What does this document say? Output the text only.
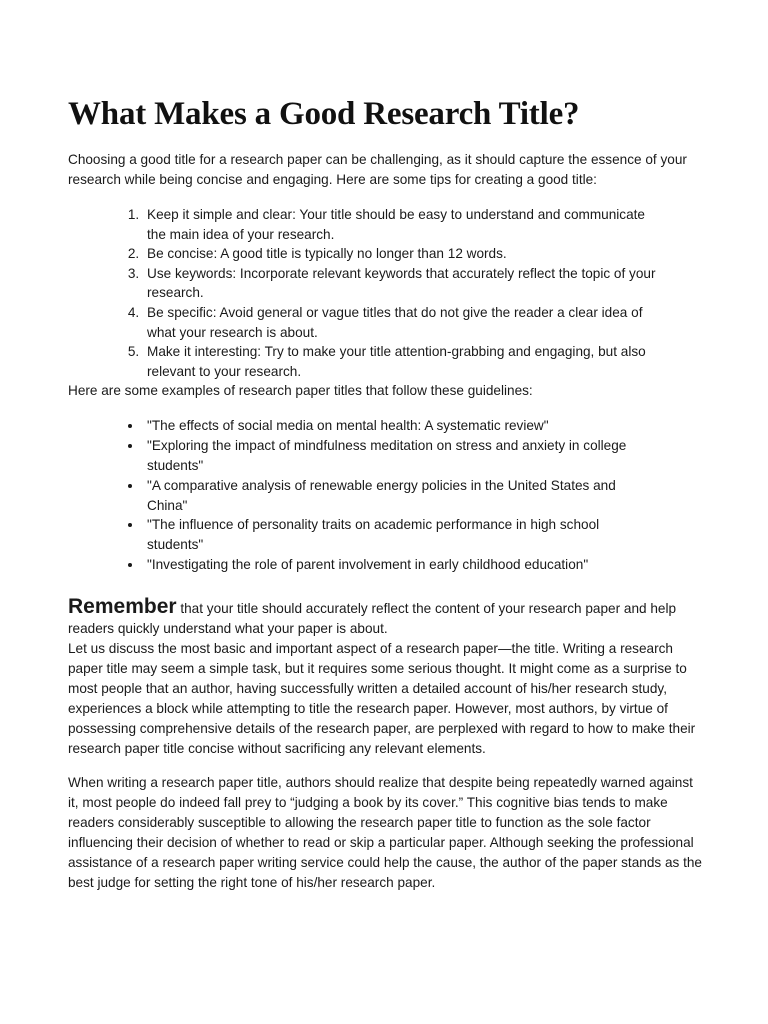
What Makes a Good Research Title?

Choosing a good title for a research paper can be challenging, as it should capture the essence of your research while being concise and engaging. Here are some tips for creating a good title:

1. Keep it simple and clear: Your title should be easy to understand and communicate the main idea of your research.
2. Be concise: A good title is typically no longer than 12 words.
3. Use keywords: Incorporate relevant keywords that accurately reflect the topic of your research.
4. Be specific: Avoid general or vague titles that do not give the reader a clear idea of what your research is about.
5. Make it interesting: Try to make your title attention-grabbing and engaging, but also relevant to your research.

Here are some examples of research paper titles that follow these guidelines:

• "The effects of social media on mental health: A systematic review"
• "Exploring the impact of mindfulness meditation on stress and anxiety in college students"
• "A comparative analysis of renewable energy policies in the United States and China"
• "The influence of personality traits on academic performance in high school students"
• "Investigating the role of parent involvement in early childhood education"

Remember that your title should accurately reflect the content of your research paper and help readers quickly understand what your paper is about.

Let us discuss the most basic and important aspect of a research paper—the title. Writing a research paper title may seem a simple task, but it requires some serious thought. It might come as a surprise to most people that an author, having successfully written a detailed account of his/her research study, experiences a block while attempting to title the research paper. However, most authors, by virtue of possessing comprehensive details of the research paper, are perplexed with regard to how to make their research paper title concise without sacrificing any relevant elements.

When writing a research paper title, authors should realize that despite being repeatedly warned against it, most people do indeed fall prey to “judging a book by its cover.” This cognitive bias tends to make readers considerably susceptible to allowing the research paper title to function as the sole factor influencing their decision of whether to read or skip a particular paper. Although seeking the professional assistance of a research paper writing service could help the cause, the author of the paper stands as the best judge for setting the right tone of his/her research paper.
